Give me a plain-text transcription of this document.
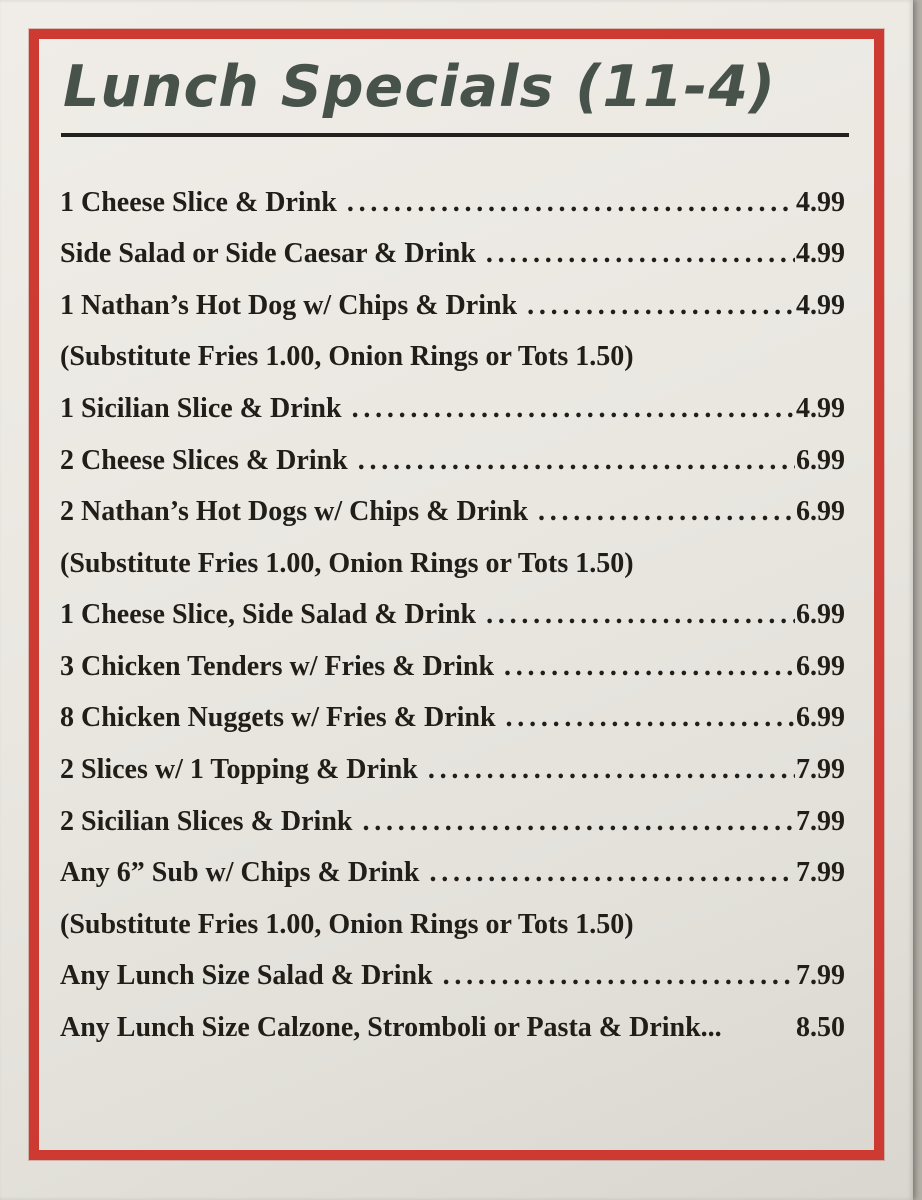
Lunch Specials (11-4)
1 Cheese Slice & Drink .....	4.99
Side Salad or Side Caesar & Drink .....	4.99
1 Nathan’s Hot Dog w/ Chips & Drink .....	4.99
(Substitute Fries 1.00, Onion Rings or Tots 1.50)
1 Sicilian Slice & Drink .....	4.99
2 Cheese Slices & Drink .....	6.99
2 Nathan’s Hot Dogs w/ Chips & Drink .....	6.99
(Substitute Fries 1.00, Onion Rings or Tots 1.50)
1 Cheese Slice, Side Salad & Drink .....	6.99
3 Chicken Tenders w/ Fries & Drink .....	6.99
8 Chicken Nuggets w/ Fries & Drink .....	6.99
2 Slices w/ 1 Topping & Drink .....	7.99
2 Sicilian Slices & Drink .....	7.99
Any 6” Sub w/ Chips & Drink .....	7.99
(Substitute Fries 1.00, Onion Rings or Tots 1.50)
Any Lunch Size Salad & Drink .....	7.99
Any Lunch Size Calzone, Stromboli or Pasta & Drink...	8.50
